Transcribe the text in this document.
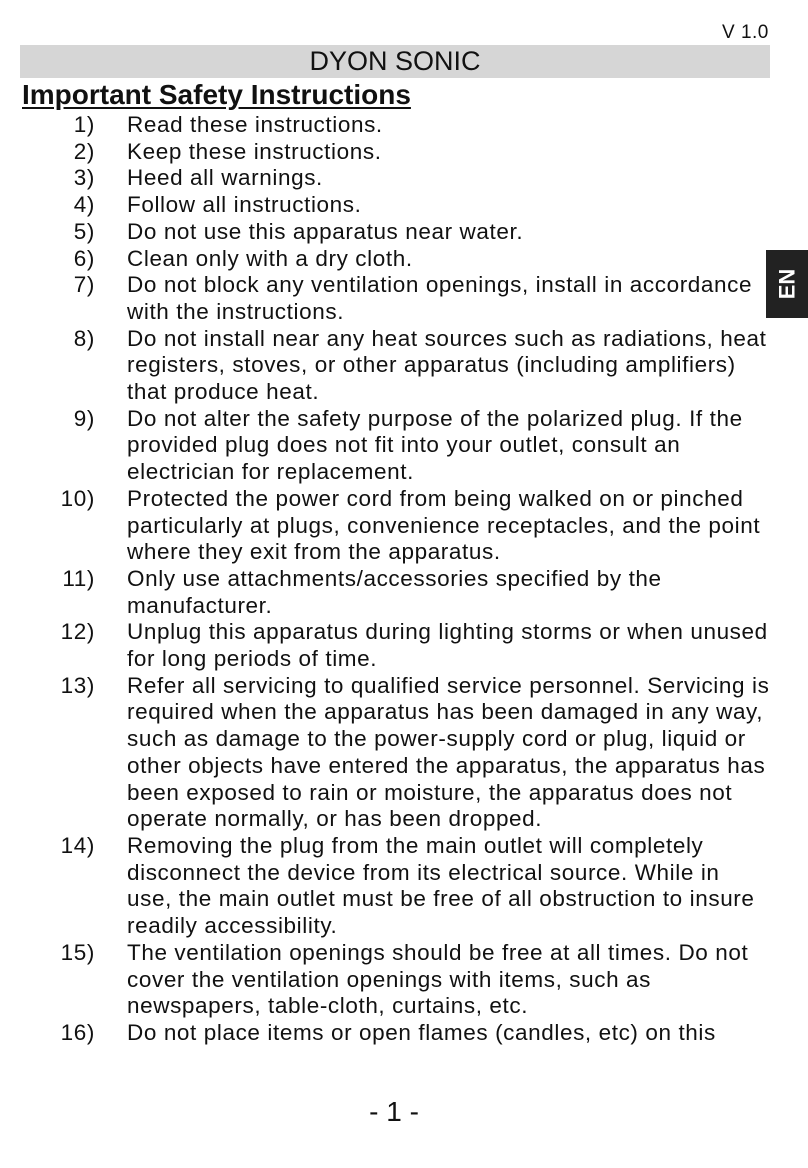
V 1.0
DYON SONIC
Important Safety Instructions
EN
1) Read these instructions.
2) Keep these instructions.
3) Heed all warnings.
4) Follow all instructions.
5) Do not use this apparatus near water.
6) Clean only with a dry cloth.
7) Do not block any ventilation openings, install in accordance with the instructions.
8) Do not install near any heat sources such as radiations, heat registers, stoves, or other apparatus (including amplifiers) that produce heat.
9) Do not alter the safety purpose of the polarized plug. If the provided plug does not fit into your outlet, consult an electrician for replacement.
10) Protected the power cord from being walked on or pinched particularly at plugs, convenience receptacles, and the point where they exit from the apparatus.
11) Only use attachments/accessories specified by the manufacturer.
12) Unplug this apparatus during lighting storms or when unused for long periods of time.
13) Refer all servicing to qualified service personnel. Servicing is required when the apparatus has been damaged in any way, such as damage to the power-supply cord or plug, liquid or other objects have entered the apparatus, the apparatus has been exposed to rain or moisture, the apparatus does not operate normally, or has been dropped.
14) Removing the plug from the main outlet will completely disconnect the device from its electrical source. While in use, the main outlet must be free of all obstruction to insure readily accessibility.
15) The ventilation openings should be free at all times. Do not cover the ventilation openings with items, such as newspapers, table-cloth, curtains, etc.
16) Do not place items or open flames (candles, etc) on this
- 1 -
